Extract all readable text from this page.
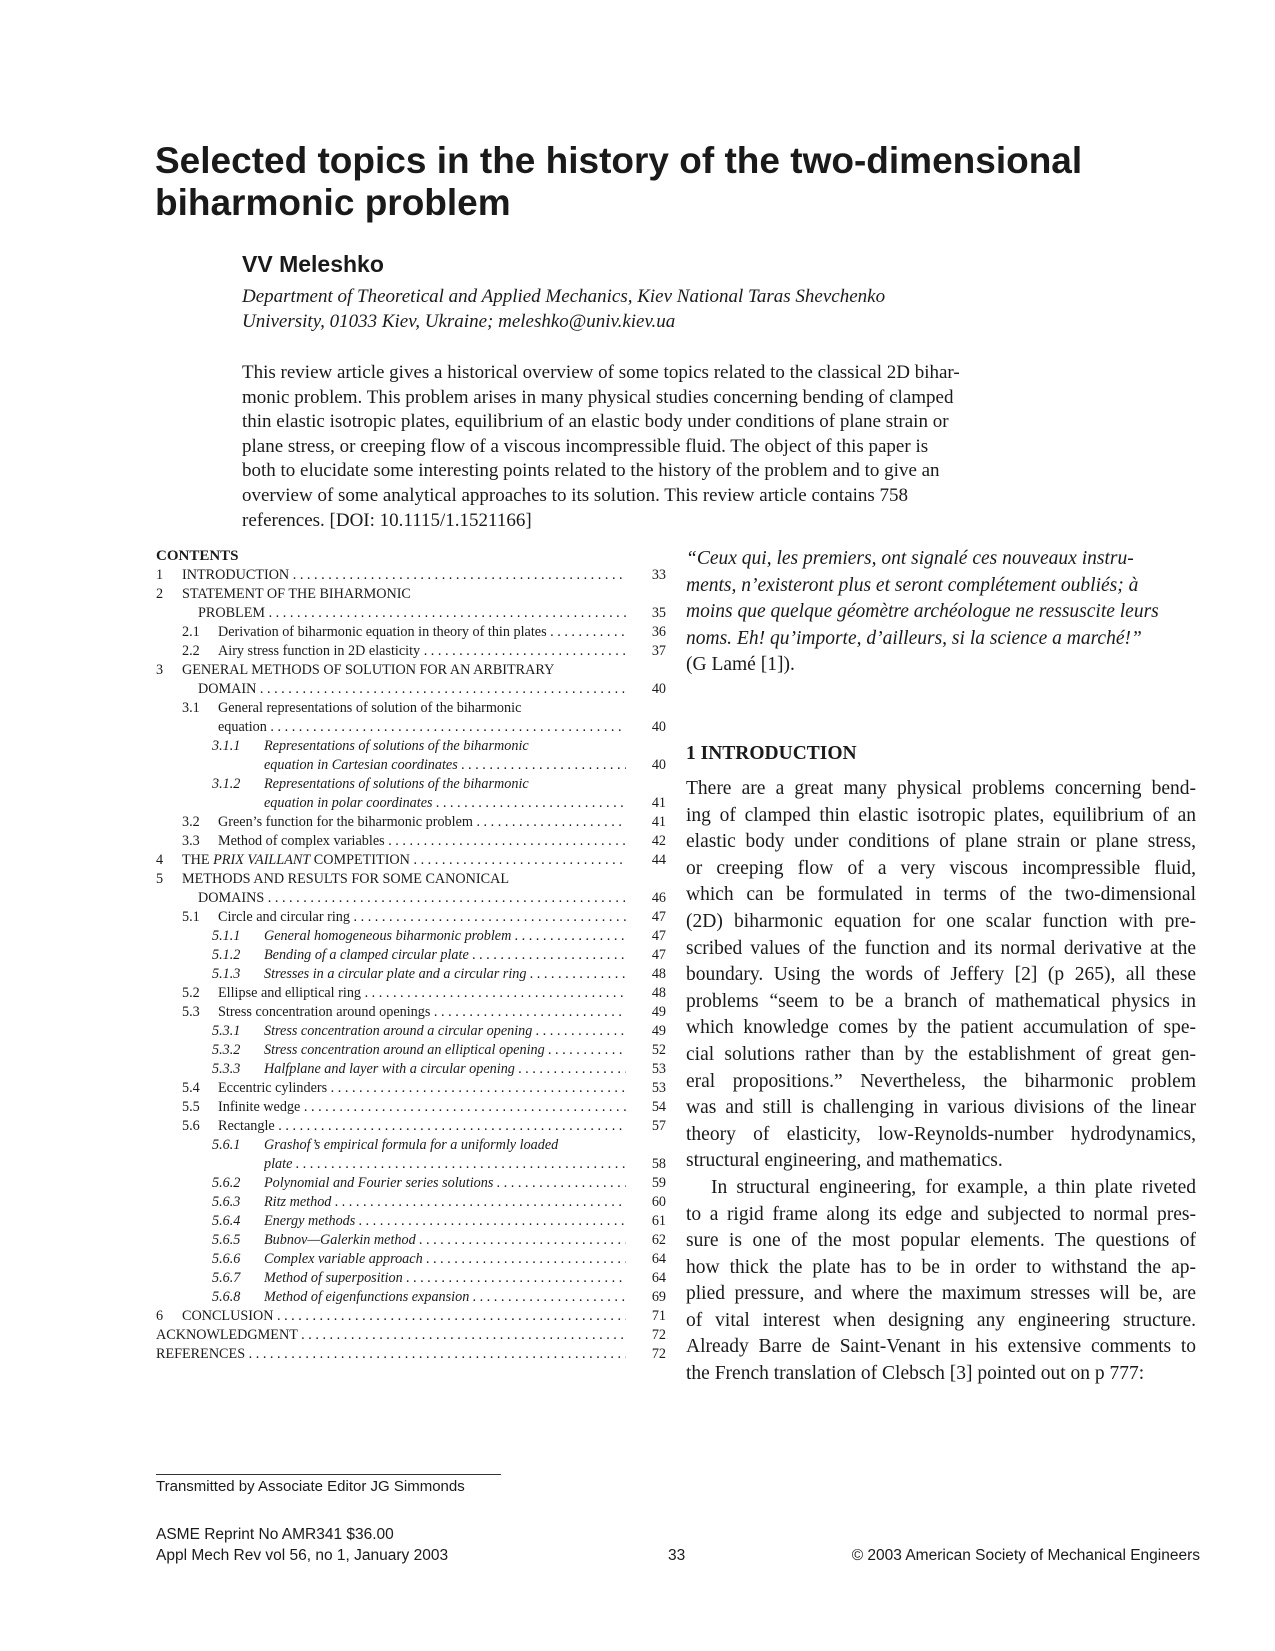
Selected topics in the history of the two-dimensional biharmonic problem
VV Meleshko
Department of Theoretical and Applied Mechanics, Kiev National Taras Shevchenko
University, 01033 Kiev, Ukraine; meleshko@univ.kiev.ua
This review article gives a historical overview of some topics related to the classical 2D bihar-
monic problem. This problem arises in many physical studies concerning bending of clamped
thin elastic isotropic plates, equilibrium of an elastic body under conditions of plane strain or
plane stress, or creeping flow of a viscous incompressible fluid. The object of this paper is
both to elucidate some interesting points related to the history of the problem and to give an
overview of some analytical approaches to its solution. This review article contains 758
references. [DOI: 10.1115/1.1521166]
CONTENTS
1 INTRODUCTION . . .	33
2 STATEMENT OF THE BIHARMONIC
PROBLEM . . .	35
2.1 Derivation of biharmonic equation in theory of thin plates . . .	36
2.2 Airy stress function in 2D elasticity . . .	37
3 GENERAL METHODS OF SOLUTION FOR AN ARBITRARY
DOMAIN . . .	40
3.1 General representations of solution of the biharmonic
equation . . .	40
3.1.1 Representations of solutions of the biharmonic
equation in Cartesian coordinates . . .	40
3.1.2 Representations of solutions of the biharmonic
equation in polar coordinates . . .	41
3.2 Green’s function for the biharmonic problem . . .	41
3.3 Method of complex variables . . .	42
4 THE PRIX VAILLANT COMPETITION . . .	44
5 METHODS AND RESULTS FOR SOME CANONICAL
DOMAINS . . .	46
5.1 Circle and circular ring . . .	47
5.1.1 General homogeneous biharmonic problem . . .	47
5.1.2 Bending of a clamped circular plate . . .	47
5.1.3 Stresses in a circular plate and a circular ring . . .	48
5.2 Ellipse and elliptical ring . . .	48
5.3 Stress concentration around openings . . .	49
5.3.1 Stress concentration around a circular opening . . .	49
5.3.2 Stress concentration around an elliptical opening . . .	52
5.3.3 Halfplane and layer with a circular opening . . .	53
5.4 Eccentric cylinders . . .	53
5.5 Infinite wedge . . .	54
5.6 Rectangle . . .	57
5.6.1 Grashof’s empirical formula for a uniformly loaded
plate . . .	58
5.6.2 Polynomial and Fourier series solutions . . .	59
5.6.3 Ritz method . . .	60
5.6.4 Energy methods . . .	61
5.6.5 Bubnov—Galerkin method . . .	62
5.6.6 Complex variable approach . . .	64
5.6.7 Method of superposition . . .	64
5.6.8 Method of eigenfunctions expansion . . .	69
6 CONCLUSION . . .	71
ACKNOWLEDGMENT . . .	72
REFERENCES . . .	72
“Ceux qui, les premiers, ont signalé ces nouveaux instru-
ments, n’existeront plus et seront complétement oubliés; à
moins que quelque géomètre archéologue ne ressuscite leurs
noms. Eh! qu’importe, d’ailleurs, si la science a marché!”
(G Lamé [1]).
1 INTRODUCTION
There are a great many physical problems concerning bend-
ing of clamped thin elastic isotropic plates, equilibrium of an
elastic body under conditions of plane strain or plane stress,
or creeping flow of a very viscous incompressible fluid,
which can be formulated in terms of the two-dimensional
(2D) biharmonic equation for one scalar function with pre-
scribed values of the function and its normal derivative at the
boundary. Using the words of Jeffery [2] (p 265), all these
problems “seem to be a branch of mathematical physics in
which knowledge comes by the patient accumulation of spe-
cial solutions rather than by the establishment of great gen-
eral propositions.” Nevertheless, the biharmonic problem
was and still is challenging in various divisions of the linear
theory of elasticity, low-Reynolds-number hydrodynamics,
structural engineering, and mathematics.
In structural engineering, for example, a thin plate riveted
to a rigid frame along its edge and subjected to normal pres-
sure is one of the most popular elements. The questions of
how thick the plate has to be in order to withstand the ap-
plied pressure, and where the maximum stresses will be, are
of vital interest when designing any engineering structure.
Already Barre de Saint-Venant in his extensive comments to
the French translation of Clebsch [3] pointed out on p 777:
Transmitted by Associate Editor JG Simmonds
ASME Reprint No AMR341 $36.00
Appl Mech Rev vol 56, no 1, January 2003	33	© 2003 American Society of Mechanical Engineers
